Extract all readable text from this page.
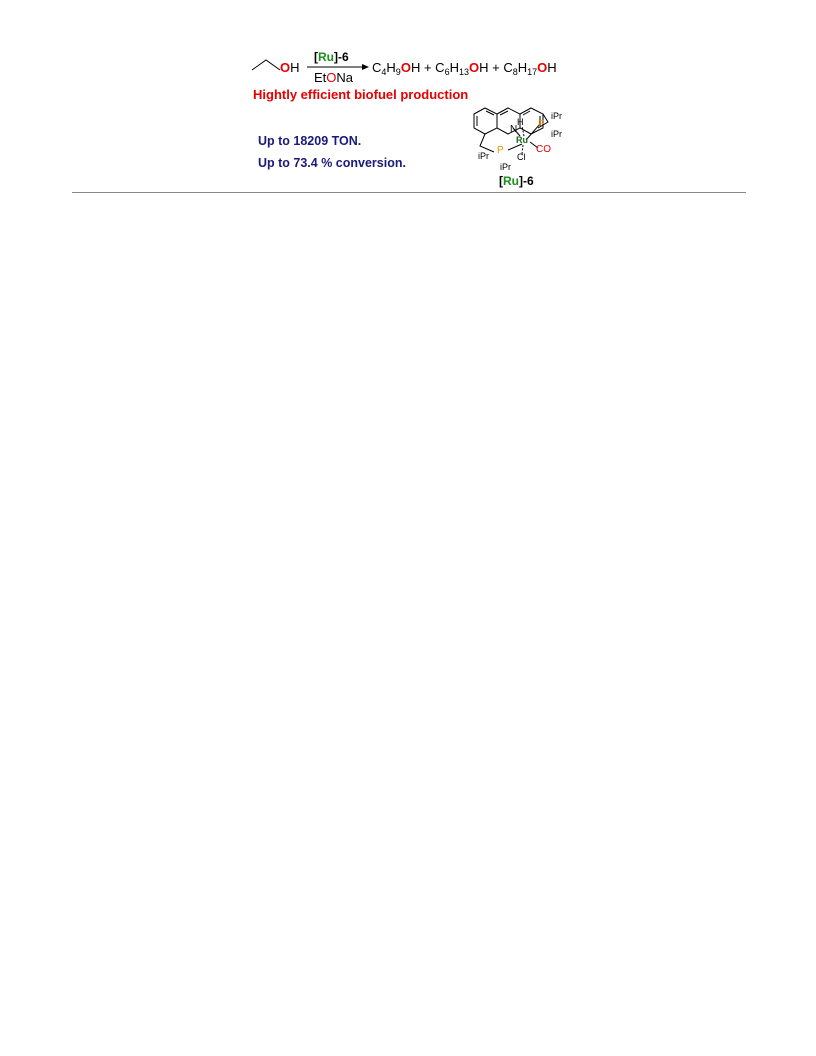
OH
[Ru]-6
EtONa
$C_4H_9OH + C_6H_{13}OH + C_8H_{17}OH$
Hightly efficient biofuel production
Up to 18209 TON.
Up to 73.4 % conversion.
N
H
Ru
P
P
Cl
CO
iPr
iPr
iPr
iPr
[Ru]-6
